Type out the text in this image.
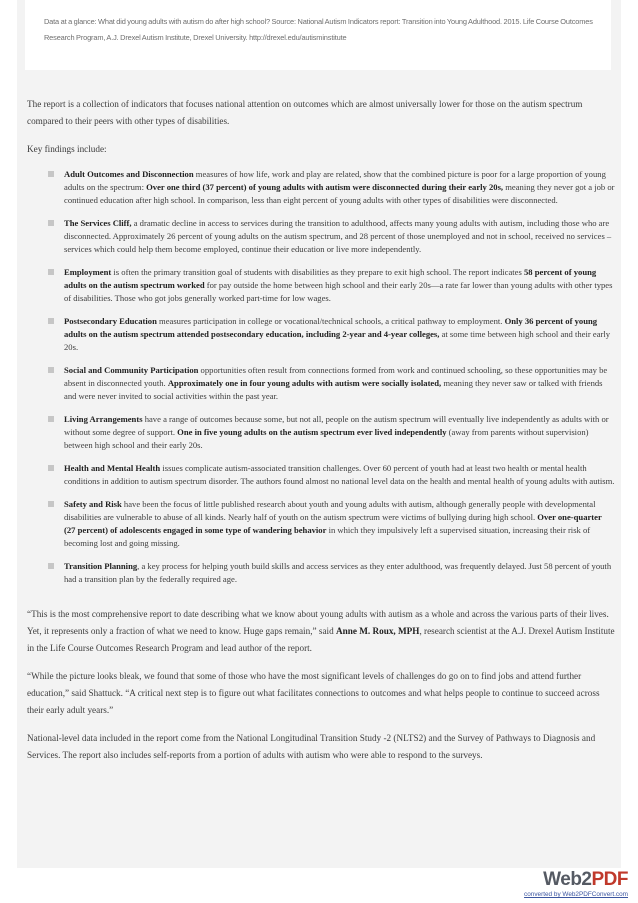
Data at a glance: What did young adults with autism do after high school? Source: National Autism Indicators report: Transition into Young Adulthood. 2015. Life Course Outcomes Research Program, A.J. Drexel Autism Institute, Drexel University. http://drexel.edu/autisminstitute

The report is a collection of indicators that focuses national attention on outcomes which are almost universally lower for those on the autism spectrum compared to their peers with other types of disabilities.

Key findings include:

Adult Outcomes and Disconnection measures of how life, work and play are related, show that the combined picture is poor for a large proportion of young adults on the spectrum: Over one third (37 percent) of young adults with autism were disconnected during their early 20s, meaning they never got a job or continued education after high school. In comparison, less than eight percent of young adults with other types of disabilities were disconnected.
The Services Cliff, a dramatic decline in access to services during the transition to adulthood, affects many young adults with autism, including those who are disconnected. Approximately 26 percent of young adults on the autism spectrum, and 28 percent of those unemployed and not in school, received no services – services which could help them become employed, continue their education or live more independently.
Employment is often the primary transition goal of students with disabilities as they prepare to exit high school. The report indicates 58 percent of young adults on the autism spectrum worked for pay outside the home between high school and their early 20s—a rate far lower than young adults with other types of disabilities. Those who got jobs generally worked part-time for low wages.
Postsecondary Education measures participation in college or vocational/technical schools, a critical pathway to employment. Only 36 percent of young adults on the autism spectrum attended postsecondary education, including 2-year and 4-year colleges, at some time between high school and their early 20s.
Social and Community Participation opportunities often result from connections formed from work and continued schooling, so these opportunities may be absent in disconnected youth. Approximately one in four young adults with autism were socially isolated, meaning they never saw or talked with friends and were never invited to social activities within the past year.
Living Arrangements have a range of outcomes because some, but not all, people on the autism spectrum will eventually live independently as adults with or without some degree of support. One in five young adults on the autism spectrum ever lived independently (away from parents without supervision) between high school and their early 20s.
Health and Mental Health issues complicate autism-associated transition challenges. Over 60 percent of youth had at least two health or mental health conditions in addition to autism spectrum disorder. The authors found almost no national level data on the health and mental health of young adults with autism.
Safety and Risk have been the focus of little published research about youth and young adults with autism, although generally people with developmental disabilities are vulnerable to abuse of all kinds. Nearly half of youth on the autism spectrum were victims of bullying during high school. Over one-quarter (27 percent) of adolescents engaged in some type of wandering behavior in which they impulsively left a supervised situation, increasing their risk of becoming lost and going missing.
Transition Planning, a key process for helping youth build skills and access services as they enter adulthood, was frequently delayed. Just 58 percent of youth had a transition plan by the federally required age.

“This is the most comprehensive report to date describing what we know about young adults with autism as a whole and across the various parts of their lives. Yet, it represents only a fraction of what we need to know. Huge gaps remain,” said Anne M. Roux, MPH, research scientist at the A.J. Drexel Autism Institute in the Life Course Outcomes Research Program and lead author of the report.

“While the picture looks bleak, we found that some of those who have the most significant levels of challenges do go on to find jobs and attend further education,” said Shattuck. “A critical next step is to figure out what facilitates connections to outcomes and what helps people to continue to succeed across their early adult years.”

National-level data included in the report come from the National Longitudinal Transition Study -2 (NLTS2) and the Survey of Pathways to Diagnosis and Services. The report also includes self-reports from a portion of adults with autism who were able to respond to the surveys.

Web2PDF
converted by Web2PDFConvert.com
